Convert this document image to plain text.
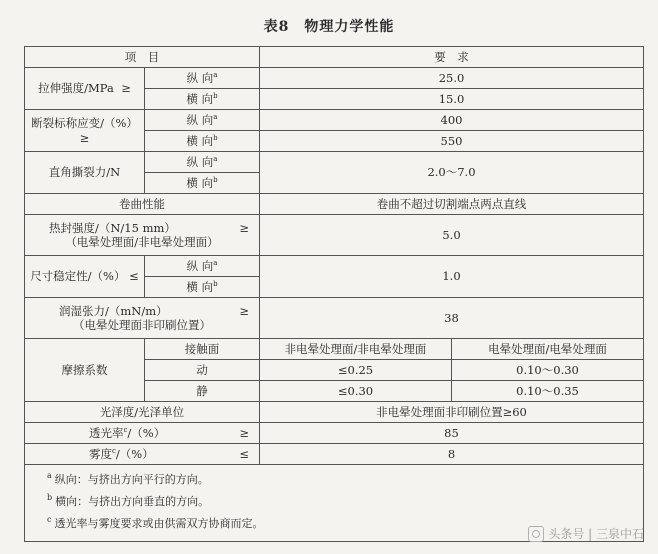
表8　物理力学性能
项　目		要　求	
拉伸强度/MPa ≥	纵 向$^a$	25.0	
	横 向$^b$	15.0	

断裂标称应变/（%）
≥	纵 向$^a$	400	
	横 向$^b$	550	
直角撕裂力/N	纵 向$^a$	2.0～7.0	
	横 向$^b$
卷曲性能		卷曲不超过切割端点两点直线	

热封强度/（N/15 mm） ≥
（电晕处理面/非电晕处理面）		5.0	
尺寸稳定性/（%） ≤	纵 向$^a$	1.0	
	横 向$^b$

润湿张力/（mN/m） ≥
（电晕处理面非印刷位置）		38	
摩擦系数	接触面	非电晕处理面/非电晕处理面	电晕处理面/电晕处理面
	动	≤0.25	0.10～0.30
	静	≤0.30	0.10～0.35
光泽度/光泽单位		非电晕处理面非印刷位置≥60	

透光率$^c$/（%） ≥		85	

雾度$^c$/（%） ≤		8	

$^a$ 纵向：与挤出方向平行的方向。
$^b$ 横向：与挤出方向垂直的方向。
$^c$ 透光率与雾度要求或由供需双方协商而定。			
头条号 | 三泉中石
